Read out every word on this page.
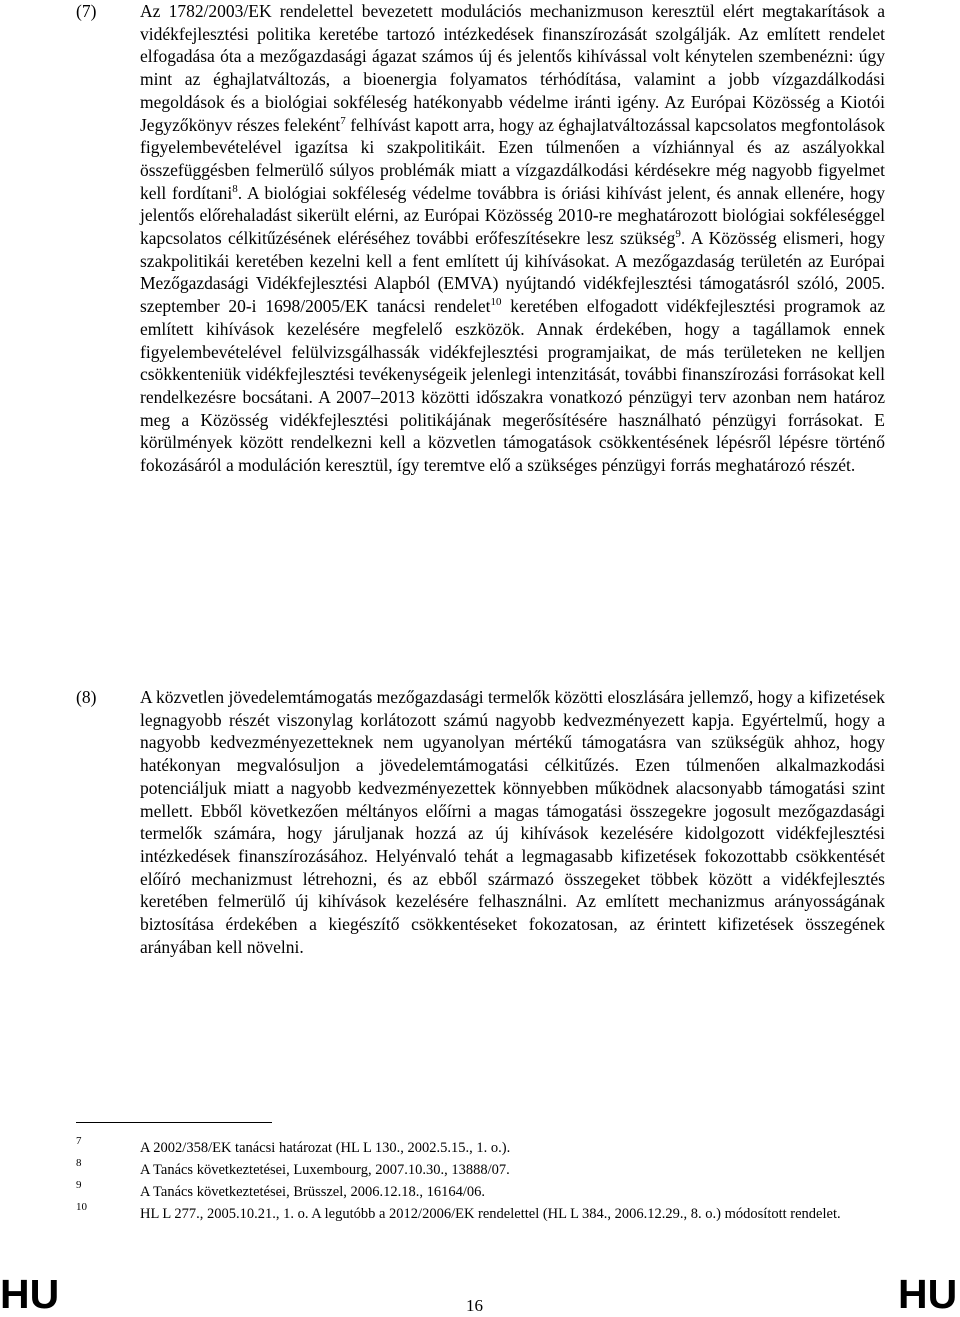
(7) Az 1782/2003/EK rendelettel bevezetett modulációs mechanizmuson keresztül elért megtakarítások a vidékfejlesztési politika keretébe tartozó intézkedések finanszírozását szolgálják. Az említett rendelet elfogadása óta a mezőgazdasági ágazat számos új és jelentős kihívással volt kénytelen szembenézni: úgy mint az éghajlatváltozás, a bioenergia folyamatos térhódítása, valamint a jobb vízgazdálkodási megoldások és a biológiai sokféleség hatékonyabb védelme iránti igény. Az Európai Közösség a Kiotói Jegyzőkönyv részes feleként$^7$ felhívást kapott arra, hogy az éghajlatváltozással kapcsolatos megfontolások figyelembevételével igazítsa ki szakpolitikáit. Ezen túlmenően a vízhiánnyal és az aszályokkal összefüggésben felmerülő súlyos problémák miatt a vízgazdálkodási kérdésekre még nagyobb figyelmet kell fordítani$^8$. A biológiai sokféleség védelme továbbra is óriási kihívást jelent, és annak ellenére, hogy jelentős előrehaladást sikerült elérni, az Európai Közösség 2010-re meghatározott biológiai sokféleséggel kapcsolatos célkitűzésének eléréséhez további erőfeszítésekre lesz szükség$^9$. A Közösség elismeri, hogy szakpolitikái keretében kezelni kell a fent említett új kihívásokat. A mezőgazdaság területén az Európai Mezőgazdasági Vidékfejlesztési Alapból (EMVA) nyújtandó vidékfejlesztési támogatásról szóló, 2005. szeptember 20-i 1698/2005/EK tanácsi rendelet$^{10}$ keretében elfogadott vidékfejlesztési programok az említett kihívások kezelésére megfelelő eszközök. Annak érdekében, hogy a tagállamok ennek figyelembevételével felülvizsgálhassák vidékfejlesztési programjaikat, de más területeken ne kelljen csökkenteniük vidékfejlesztési tevékenységeik jelenlegi intenzitását, további finanszírozási forrásokat kell rendelkezésre bocsátani. A 2007–2013 közötti időszakra vonatkozó pénzügyi terv azonban nem határoz meg a Közösség vidékfejlesztési politikájának megerősítésére használható pénzügyi forrásokat. E körülmények között rendelkezni kell a közvetlen támogatások csökkentésének lépésről lépésre történő fokozásáról a moduláción keresztül, így teremtve elő a szükséges pénzügyi forrás meghatározó részét.
(8) A közvetlen jövedelemtámogatás mezőgazdasági termelők közötti eloszlására jellemző, hogy a kifizetések legnagyobb részét viszonylag korlátozott számú nagyobb kedvezményezett kapja. Egyértelmű, hogy a nagyobb kedvezményezetteknek nem ugyanolyan mértékű támogatásra van szükségük ahhoz, hogy hatékonyan megvalósuljon a jövedelemtámogatási célkitűzés. Ezen túlmenően alkalmazkodási potenciáljuk miatt a nagyobb kedvezményezettek könnyebben működnek alacsonyabb támogatási szint mellett. Ebből következően méltányos előírni a magas támogatási összegekre jogosult mezőgazdasági termelők számára, hogy járuljanak hozzá az új kihívások kezelésére kidolgozott vidékfejlesztési intézkedések finanszírozásához. Helyénvaló tehát a legmagasabb kifizetések fokozottabb csökkentését előíró mechanizmust létrehozni, és az ebből származó összegeket többek között a vidékfejlesztés keretében felmerülő új kihívások kezelésére felhasználni. Az említett mechanizmus arányosságának biztosítása érdekében a kiegészítő csökkentéseket fokozatosan, az érintett kifizetések összegének arányában kell növelni.
7	A 2002/358/EK tanácsi határozat (HL L 130., 2002.5.15., 1. o.).
8	A Tanács következtetései, Luxembourg, 2007.10.30., 13888/07.
9	A Tanács következtetései, Brüsszel, 2006.12.18., 16164/06.
10	HL L 277., 2005.10.21., 1. o. A legutóbb a 2012/2006/EK rendelettel (HL L 384., 2006.12.29., 8. o.) módosított rendelet.
HU	16	HU
